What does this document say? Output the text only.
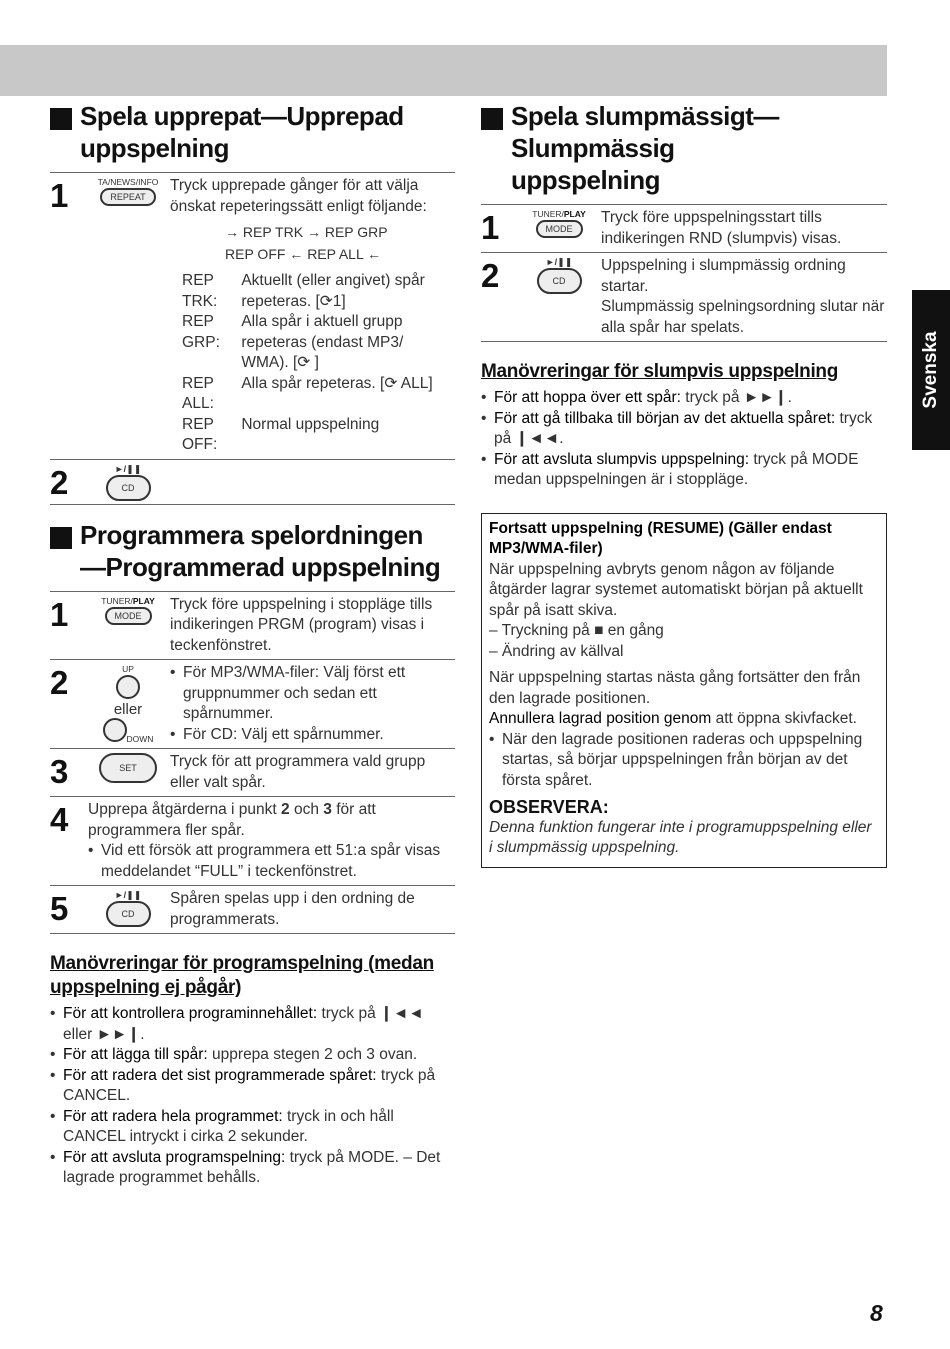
Spela upprepat—Upprepad
uppspelning
1	TA/NEWS/INFO
REPEAT
Tryck upprepade gånger för att välja önskat repeteringssätt enligt följande:
→ REP TRK → REP GRP
REP OFF ← REP ALL ←
REP TRK:	Aktuellt (eller angivet) spår repeteras. [⟳1]
REP GRP:	Alla spår i aktuell grupp repeteras (endast MP3/ WMA). [⟳ ]
REP ALL:	Alla spår repeteras. [⟳ ALL]
REP OFF:	Normal uppspelning
2	►/❚❚
CD
Programmera spelordningen
—Programmerad uppspelning
1	TUNER/PLAY
MODE
Tryck före uppspelning i stoppläge tills indikeringen PRGM (program) visas i teckenfönstret.
2	UP
eller
DOWN
• För MP3/WMA-filer: Välj först ett gruppnummer och sedan ett spårnummer.
• För CD: Välj ett spårnummer.
3	SET	Tryck för att programmera vald grupp eller valt spår.
4	Upprepa åtgärderna i punkt 2 och 3 för att programmera fler spår.
• Vid ett försök att programmera ett 51:a spår visas meddelandet “FULL” i teckenfönstret.
5	►/❚❚
CD
Spåren spelas upp i den ordning de programmerats.
Manövreringar för programspelning (medan uppspelning ej pågår)
• För att kontrollera programinnehållet: tryck på ❙◄◄ eller ►►❙.
• För att lägga till spår: upprepa stegen 2 och 3 ovan.
• För att radera det sist programmerade spåret: tryck på CANCEL.
• För att radera hela programmet: tryck in och håll CANCEL intryckt i cirka 2 sekunder.
• För att avsluta programspelning: tryck på MODE. – Det lagrade programmet behålls.
Spela slumpmässigt—Slumpmässig
uppspelning
1	TUNER/PLAY
MODE
Tryck före uppspelningsstart tills indikeringen RND (slumpvis) visas.
2	►/❚❚
CD
Uppspelning i slumpmässig ordning startar.
Slumpmässig spelningsordning slutar när alla spår har spelats.
Manövreringar för slumpvis uppspelning
• För att hoppa över ett spår: tryck på ►►❙.
• För att gå tillbaka till början av det aktuella spåret: tryck på ❙◄◄.
• För att avsluta slumpvis uppspelning: tryck på MODE medan uppspelningen är i stoppläge.

Fortsatt uppspelning (RESUME) (Gäller endast MP3/WMA-filer)

När uppspelning avbryts genom någon av följande åtgärder lagrar systemet automatiskt början på aktuellt spår på isatt skiva.

– Tryckning på ■ en gång

– Ändring av källval

När uppspelning startas nästa gång fortsätter den från den lagrade positionen.

Annullera lagrad position genom att öppna skivfacket.

• När den lagrade positionen raderas och uppspelning startas, så börjar uppspelningen från början av det första spåret.
OBSERVERA:

Denna funktion fungerar inte i programuppspelning eller i slumpmässig uppspelning.

Svenska
8
